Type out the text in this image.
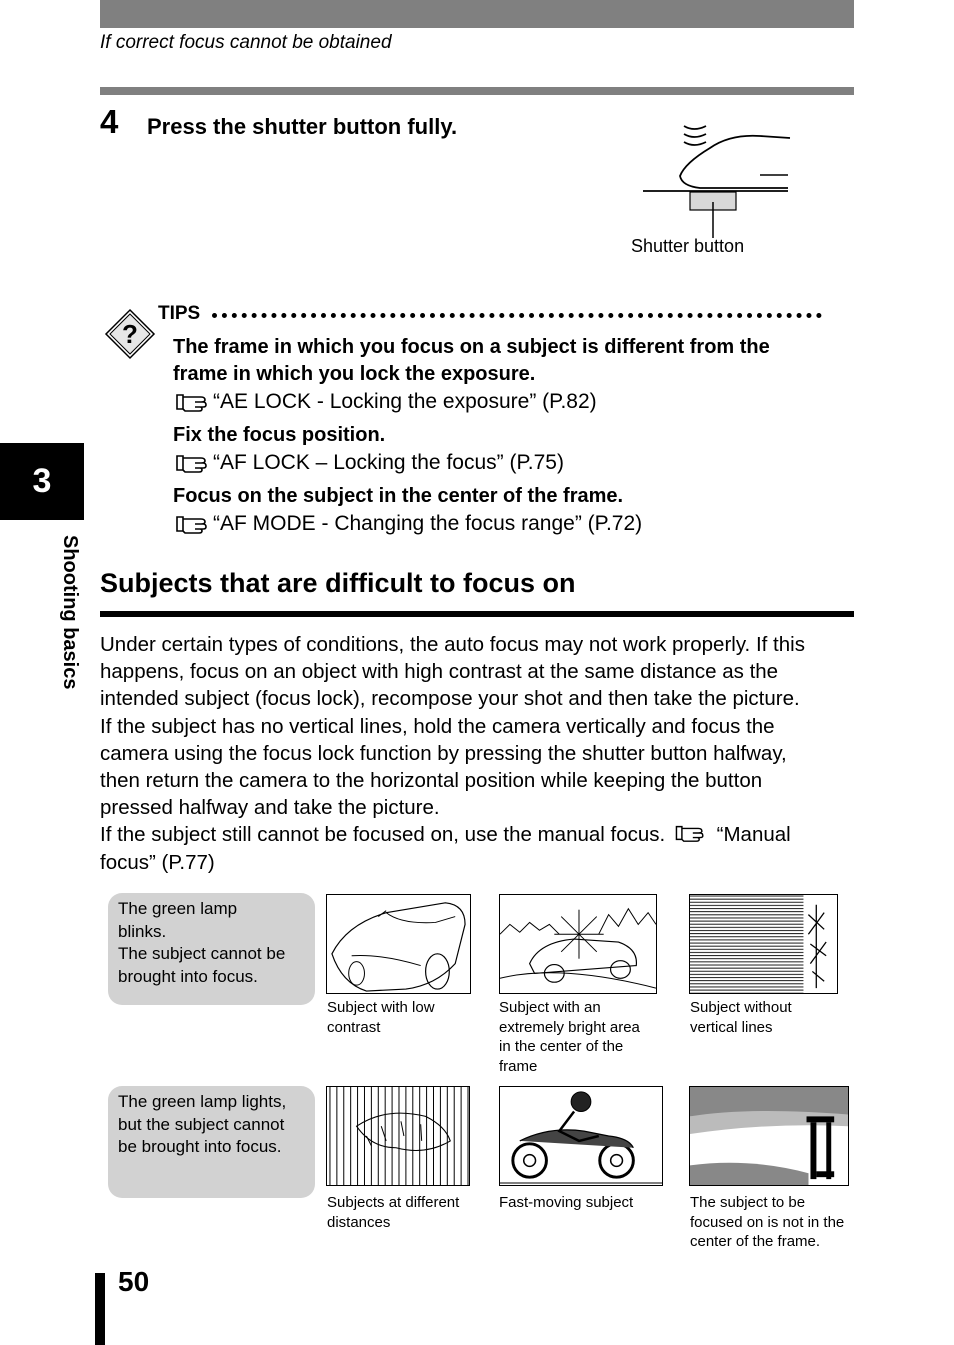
If correct focus cannot be obtained
4 Press the shutter button fully.
Shutter button
?
TIPS
The frame in which you focus on a subject is different from the
frame in which you lock the exposure.
“AE LOCK - Locking the exposure” (P.82)
Fix the focus position.
“AF LOCK – Locking the focus” (P.75)
Focus on the subject in the center of the frame.
“AF MODE - Changing the focus range” (P.72)
3
Shooting basics Subjects that are difficult to focus on
Under certain types of conditions, the auto focus may not work properly. If this
happens, focus on an object with high contrast at the same distance as the
intended subject (focus lock), recompose your shot and then take the picture.
If the subject has no vertical lines, hold the camera vertically and focus the
camera using the focus lock function by pressing the shutter button halfway,
then return the camera to the horizontal position while keeping the button
pressed halfway and take the picture.
If the subject still cannot be focused on, use the manual focus.	“Manual
focus” (P.77)
The green lamp
blinks.
The subject cannot be
brought into focus.
Subject with low
contrast
Subject with an
extremely bright area
in the center of the
frame
Subject without
vertical lines
The green lamp lights,
but the subject cannot
be brought into focus.
Subjects at different
distances
Fast-moving subject	The subject to be
focused on is not in the
center of the frame.
50
